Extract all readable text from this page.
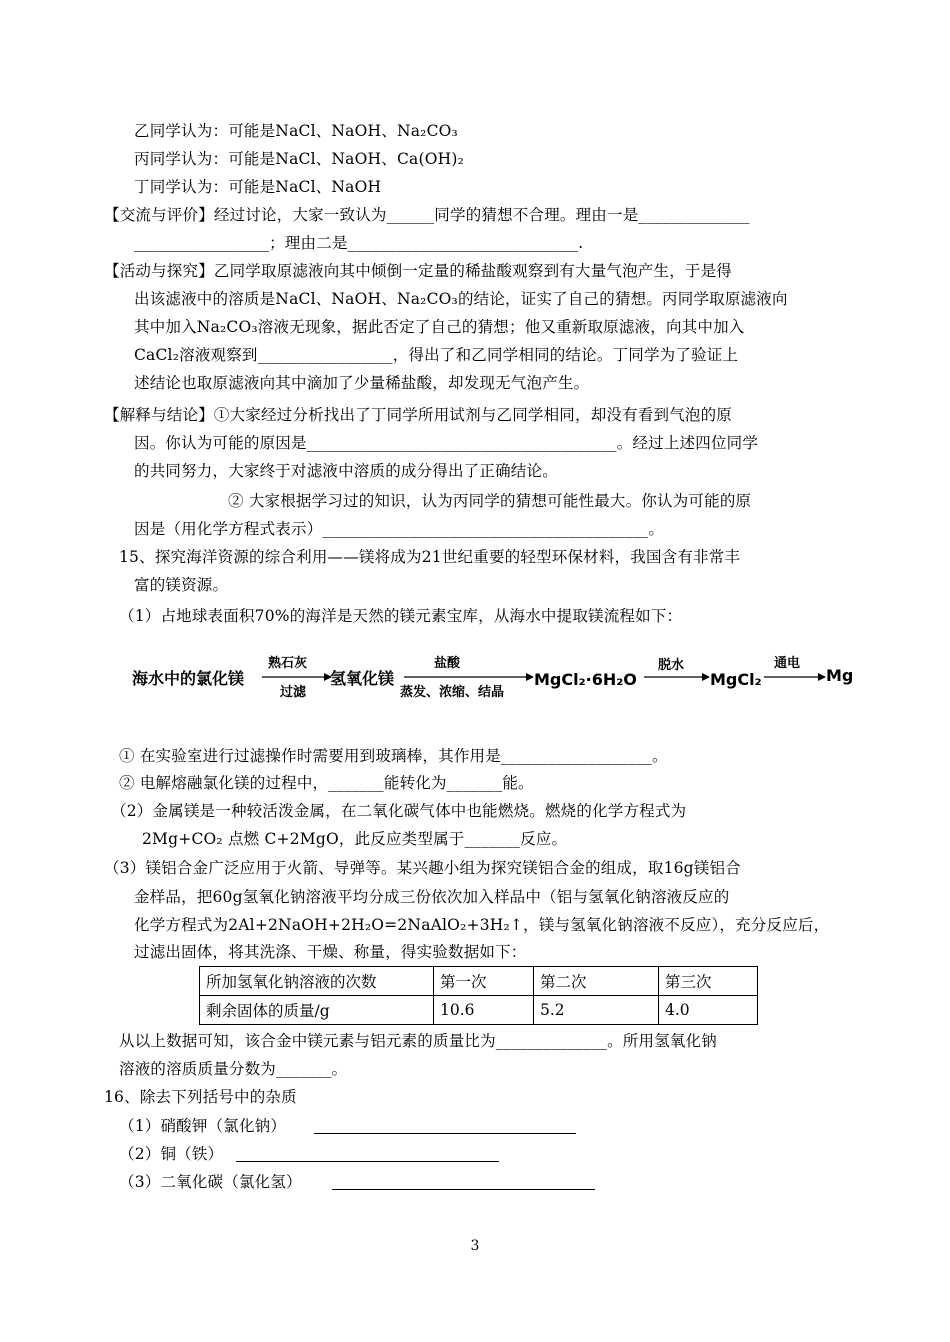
乙同学认为：可能是NaCl、NaOH、Na₂CO₃
丙同学认为：可能是NaCl、NaOH、Ca(OH)₂
丁同学认为：可能是NaCl、NaOH
【交流与评价】经过讨论，大家一致认为______同学的猜想不合理。理由一是______________
_________________；理由二是_____________________________.
【活动与探究】乙同学取原滤液向其中倾倒一定量的稀盐酸观察到有大量气泡产生，于是得
出该滤液中的溶质是NaCl、NaOH、Na₂CO₃的结论，证实了自己的猜想。丙同学取原滤液向
其中加入Na₂CO₃溶液无现象，据此否定了自己的猜想；他又重新取原滤液，向其中加入
CaCl₂溶液观察到_________________，得出了和乙同学相同的结论。丁同学为了验证上
述结论也取原滤液向其中滴加了少量稀盐酸，却发现无气泡产生。
【解释与结论】①大家经过分析找出了丁同学所用试剂与乙同学相同，却没有看到气泡的原
因。你认为可能的原因是_______________________________________。经过上述四位同学
的共同努力，大家终于对滤液中溶质的成分得出了正确结论。
② 大家根据学习过的知识，认为丙同学的猜想可能性最大。你认为可能的原
因是（用化学方程式表示）_________________________________________。
15、探究海洋资源的综合利用——镁将成为21世纪重要的轻型环保材料，我国含有非常丰
富的镁资源。
（1）占地球表面积70%的海洋是天然的镁元素宝库，从海水中提取镁流程如下：
海水中的氯化镁
熟石灰
过滤
氢氧化镁
盐酸
蒸发、浓缩、结晶
MgCl₂·6H₂O
脱水
MgCl₂
通电
Mg
① 在实验室进行过滤操作时需要用到玻璃棒，其作用是___________________。
② 电解熔融氯化镁的过程中，_______能转化为_______能。
（2）金属镁是一种较活泼金属，在二氧化碳气体中也能燃烧。燃烧的化学方程式为
2Mg+CO₂ 点燃 C+2MgO，此反应类型属于_______反应。
（3）镁铝合金广泛应用于火箭、导弹等。某兴趣小组为探究镁铝合金的组成，取16g镁铝合
金样品，把60g氢氧化钠溶液平均分成三份依次加入样品中（铝与氢氧化钠溶液反应的
化学方程式为2Al+2NaOH+2H₂O=2NaAlO₂+3H₂↑，镁与氢氧化钠溶液不反应），充分反应后，
过滤出固体，将其洗涤、干燥、称量，得实验数据如下：
所加氢氧化钠溶液的次数	第一次	第二次	第三次
剩余固体的质量/g	10.6	5.2	4.0
从以上数据可知，该合金中镁元素与铝元素的质量比为______________。所用氢氧化钠
溶液的溶质质量分数为_______。
16、除去下列括号中的杂质
（1）硝酸钾（氯化钠）
（2）铜（铁）
（3）二氧化碳（氯化氢）
3
